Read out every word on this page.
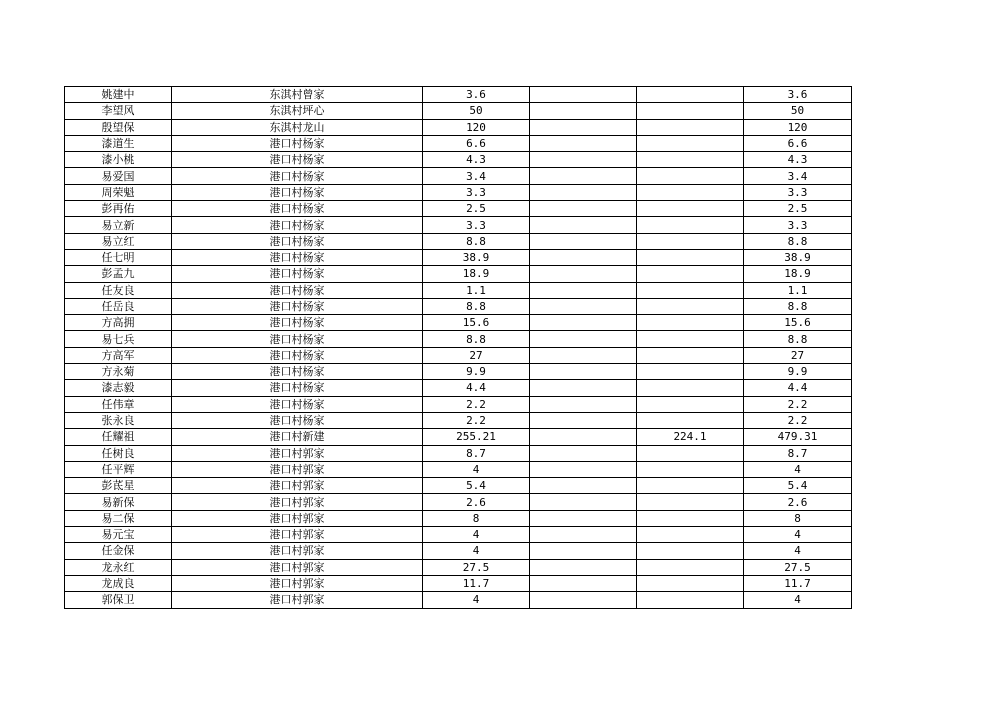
姚建中	东淇村曾家	3.6			3.6
李望风	东淇村坪心	50			50
殷望保	东淇村龙山	120			120
漆道生	港口村杨家	6.6			6.6
漆小桃	港口村杨家	4.3			4.3
易爱国	港口村杨家	3.4			3.4
周荣魁	港口村杨家	3.3			3.3
彭再佑	港口村杨家	2.5			2.5
易立新	港口村杨家	3.3			3.3
易立红	港口村杨家	8.8			8.8
任七明	港口村杨家	38.9			38.9
彭孟九	港口村杨家	18.9			18.9
任友良	港口村杨家	1.1			1.1
任岳良	港口村杨家	8.8			8.8
方高拥	港口村杨家	15.6			15.6
易七兵	港口村杨家	8.8			8.8
方高军	港口村杨家	27			27
方永菊	港口村杨家	9.9			9.9
漆志毅	港口村杨家	4.4			4.4
任伟章	港口村杨家	2.2			2.2
张永良	港口村杨家	2.2			2.2
任耀祖	港口村新建	255.21		224.1	479.31
任树良	港口村郭家	8.7			8.7
任平辉	港口村郭家	4			4
彭茋星	港口村郭家	5.4			5.4
易新保	港口村郭家	2.6			2.6
易二保	港口村郭家	8			8
易元宝	港口村郭家	4			4
任金保	港口村郭家	4			4
龙永红	港口村郭家	27.5			27.5
龙成良	港口村郭家	11.7			11.7
郭保卫	港口村郭家	4			4
